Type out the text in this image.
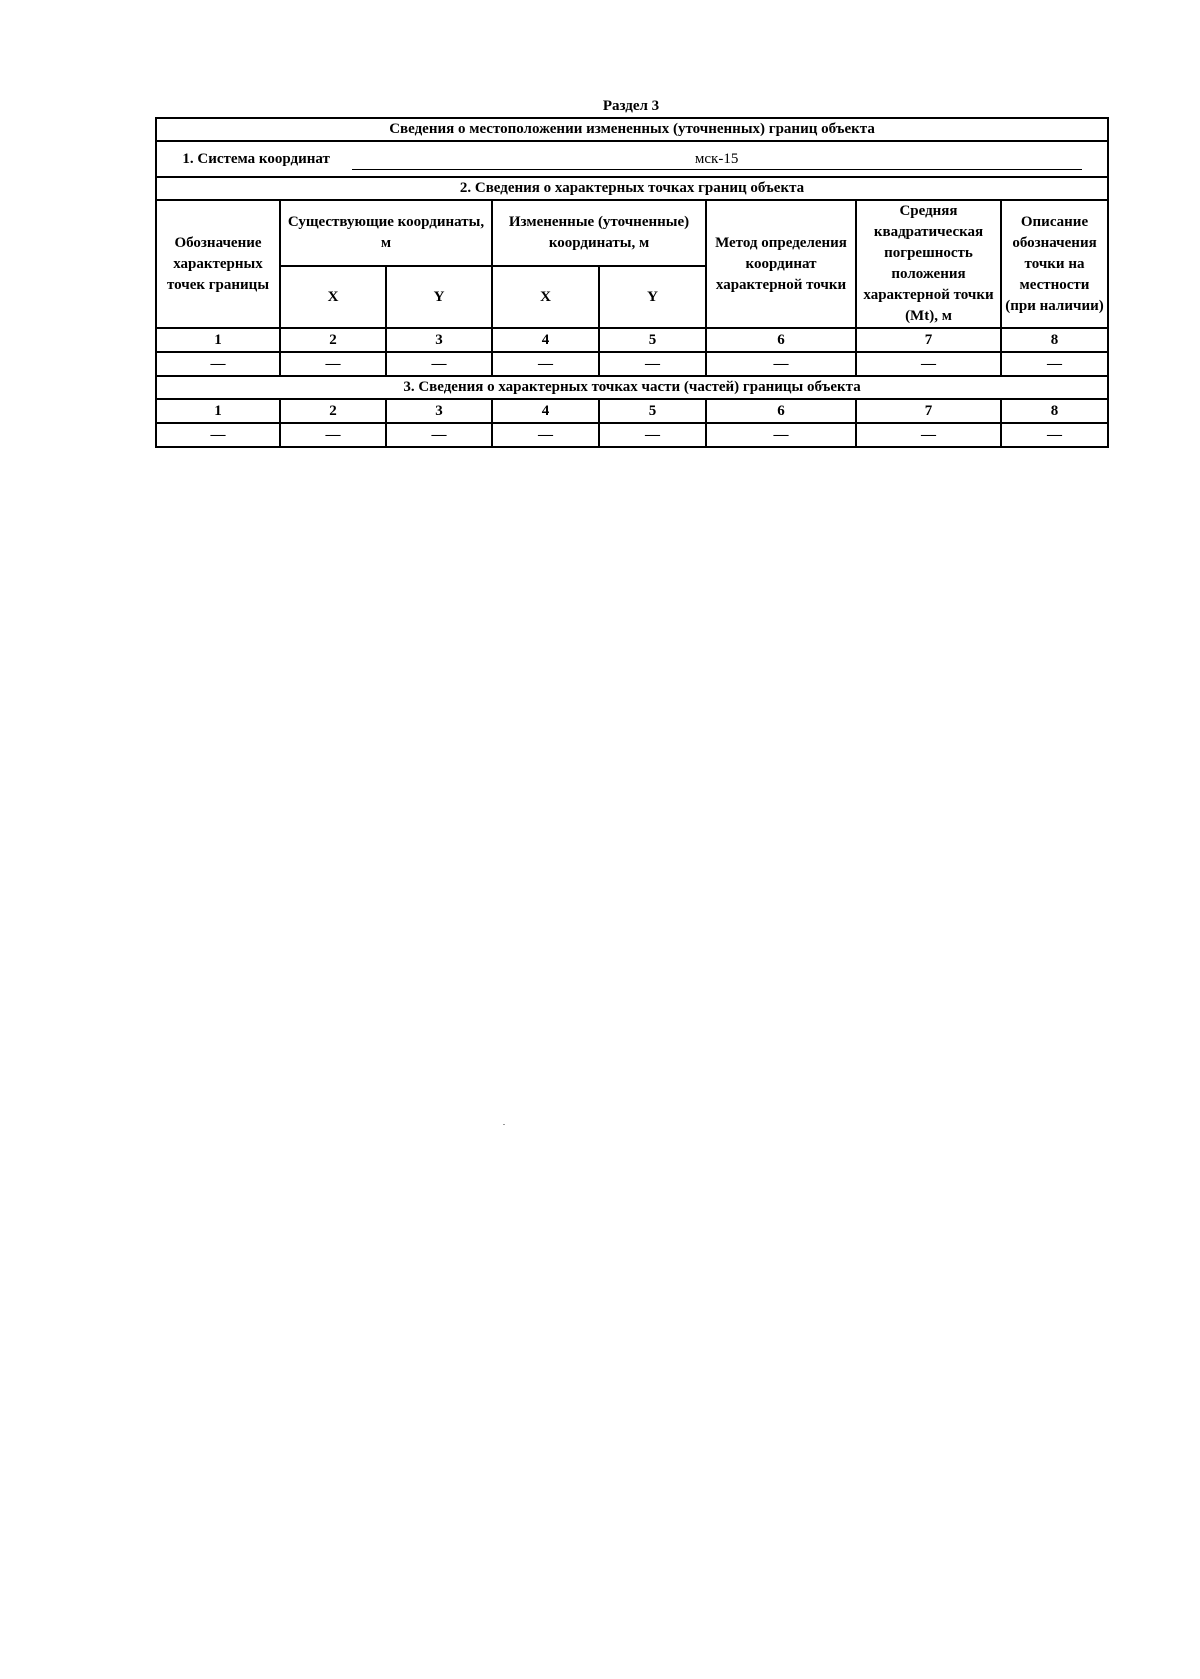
Раздел 3
Сведения о местоположении измененных (уточненных) границ объекта							
1. Система координат мск-15							
2. Сведения о характерных точках границ объекта							
Обозначение характерных точек границы	Существующие координаты, м		Измененные (уточненные) координаты, м		Метод определения координат характерной точки	Средняя квадратическая погрешность положения характерной точки (Mt), м	Описание обозначения точки на местности (при наличии)
	X	Y	X	Y			
1	2	3	4	5	6	7	8
—	—	—	—	—	—	—	—
3. Сведения о характерных точках части (частей) границы объекта							
1	2	3	4	5	6	7	8
—	—	—	—	—	—	—	—
